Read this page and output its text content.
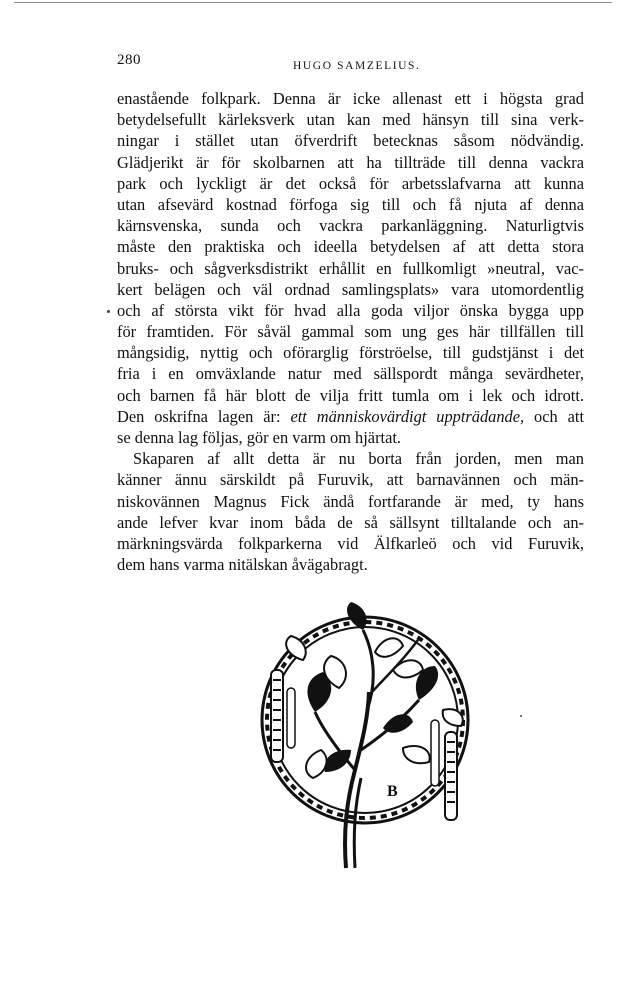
280	HUGO SAMZELIUS.
enastående folkpark. Denna är icke allenast ett i högsta grad
betydelsefullt kärleksverk utan kan med hänsyn till sina verk-
ningar i stället utan öfverdrift betecknas såsom nödvändig.
Glädjerikt är för skolbarnen att ha tillträde till denna vackra
park och lyckligt är det också för arbetsslafvarna att kunna
utan afsevärd kostnad förfoga sig till och få njuta af denna
kärnsvenska, sunda och vackra parkanläggning. Naturligtvis
måste den praktiska och ideella betydelsen af att detta stora
bruks- och sågverksdistrikt erhållit en fullkomligt »neutral, vac-
kert belägen och väl ordnad samlingsplats» vara utomordentlig
och af största vikt för hvad alla goda viljor önska bygga upp
för framtiden. För såväl gammal som ung ges här tillfällen till
mångsidig, nyttig och oförarglig förströelse, till gudstjänst i det
fria i en omväxlande natur med sällspordt många sevärdheter,
och barnen få här blott de vilja fritt tumla om i lek och idrott.
Den oskrifna lagen är: ett människovärdigt uppträdande, och att
se denna lag följas, gör en varm om hjärtat.
Skaparen af allt detta är nu borta från jorden, men man
känner ännu särskildt på Furuvik, att barnavännen och män-
niskovännen Magnus Fick ändå fortfarande är med, ty hans
ande lefver kvar inom båda de så sällsynt tilltalande och an-
märkningsvärda folkparkerna vid Älfkarleö och vid Furuvik,
dem hans varma nitälskan åvägabragt.
B
